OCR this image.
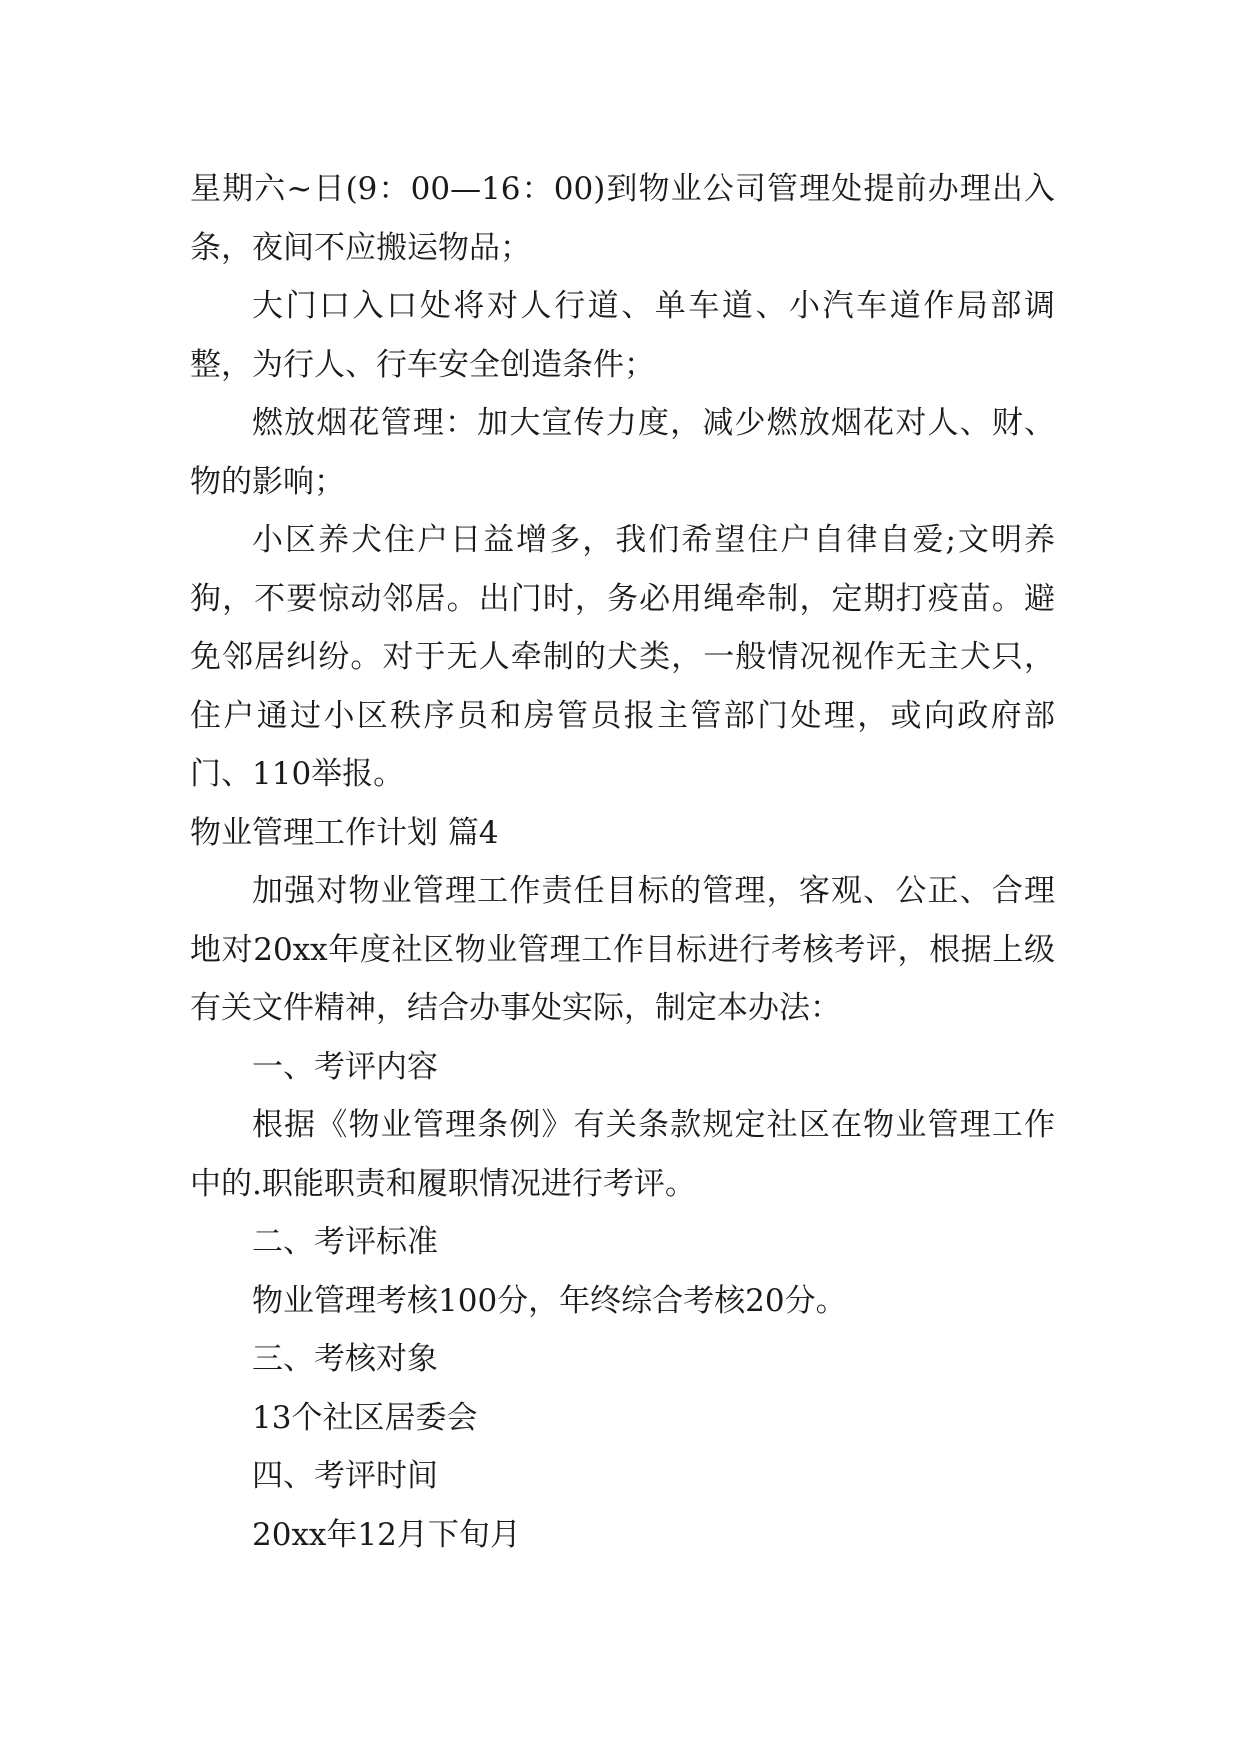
星期六~日(9：00—16：00)到物业公司管理处提前办理出入条，夜间不应搬运物品；

大门口入口处将对人行道、单车道、小汽车道作局部调整，为行人、行车安全创造条件；

燃放烟花管理：加大宣传力度，减少燃放烟花对人、财、物的影响；

小区养犬住户日益增多，我们希望住户自律自爱;文明养狗，不要惊动邻居。出门时，务必用绳牵制，定期打疫苗。避免邻居纠纷。对于无人牵制的犬类，一般情况视作无主犬只，住户通过小区秩序员和房管员报主管部门处理，或向政府部门、110举报。

物业管理工作计划 篇4

加强对物业管理工作责任目标的管理，客观、公正、合理地对20xx年度社区物业管理工作目标进行考核考评，根据上级有关文件精神，结合办事处实际，制定本办法：

一、考评内容

根据《物业管理条例》有关条款规定社区在物业管理工作中的.职能职责和履职情况进行考评。

二、考评标准

物业管理考核100分，年终综合考核20分。

三、考核对象

13个社区居委会

四、考评时间

20xx年12月下旬月
